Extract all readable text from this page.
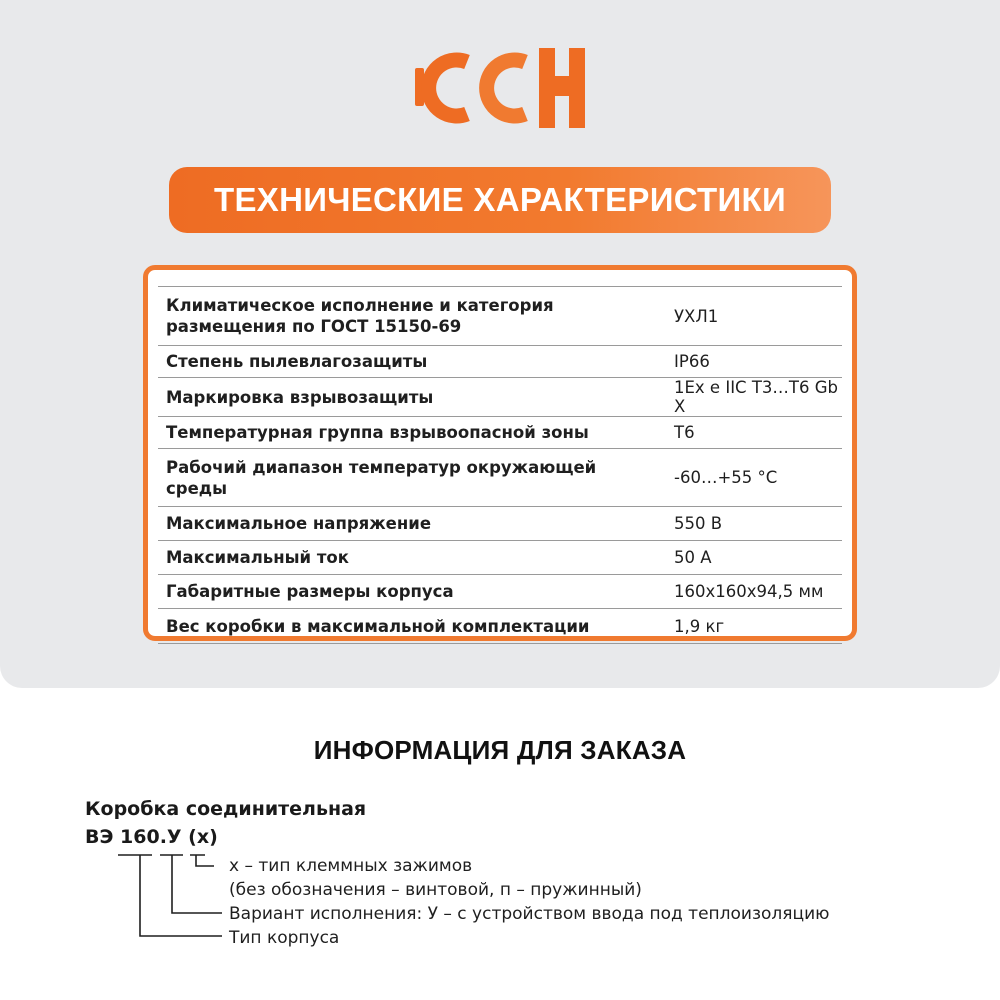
ТЕХНИЧЕСКИЕ ХАРАКТЕРИСТИКИ
Климатическое исполнение и категория размещения по ГОСТ 15150-69	УХЛ1
Степень пылевлагозащиты	IP66
Маркировка взрывозащиты	1Ex e IIC T3…T6 Gb X
Температурная группа взрывоопасной зоны	Т6
Рабочий диапазон температур окружающей среды	-60…+55 °С
Максимальное напряжение	550 В
Максимальный ток	50 А
Габаритные размеры корпуса	160х160х94,5 мм
Вес коробки в максимальной комплектации	1,9 кг
ИНФОРМАЦИЯ ДЛЯ ЗАКАЗА
Коробка соединительная
ВЭ 160.У (х)
х – тип клеммных зажимов
(без обозначения – винтовой, п – пружинный)
Вариант исполнения: У – с устройством ввода под теплоизоляцию
Тип корпуса
